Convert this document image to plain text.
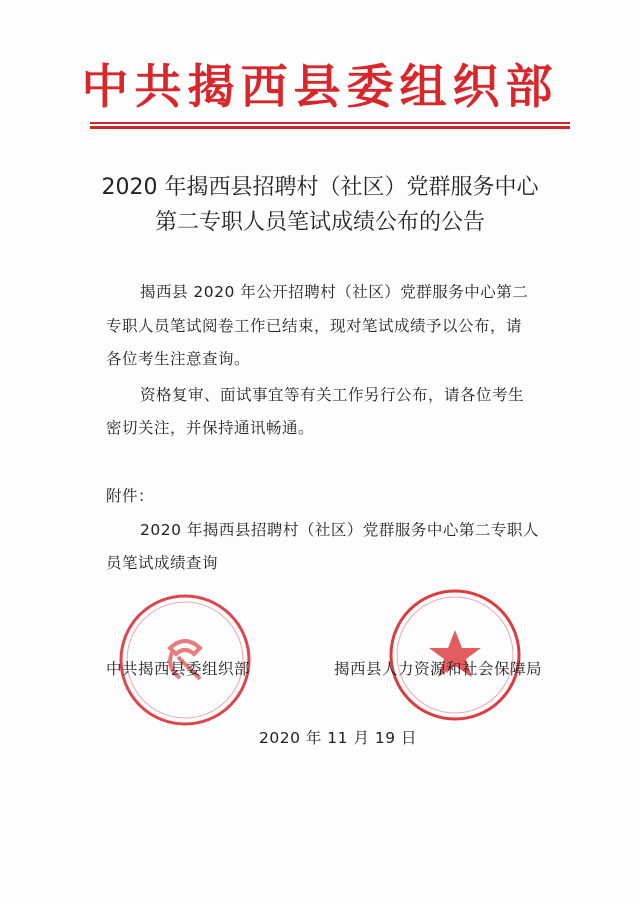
中共揭西县委组织部
2020 年揭西县招聘村（社区）党群服务中心
第二专职人员笔试成绩公布的公告
揭西县 2020 年公开招聘村（社区）党群服务中心第二
专职人员笔试阅卷工作已结束，现对笔试成绩予以公布，请
各位考生注意查询。
资格复审、面试事宜等有关工作另行公布，请各位考生
密切关注，并保持通讯畅通。
附件：
2020 年揭西县招聘村（社区）党群服务中心第二专职人
员笔试成绩查询
中共揭西县委组织部	揭西县人力资源和社会保障局
2020 年 11 月 19 日
